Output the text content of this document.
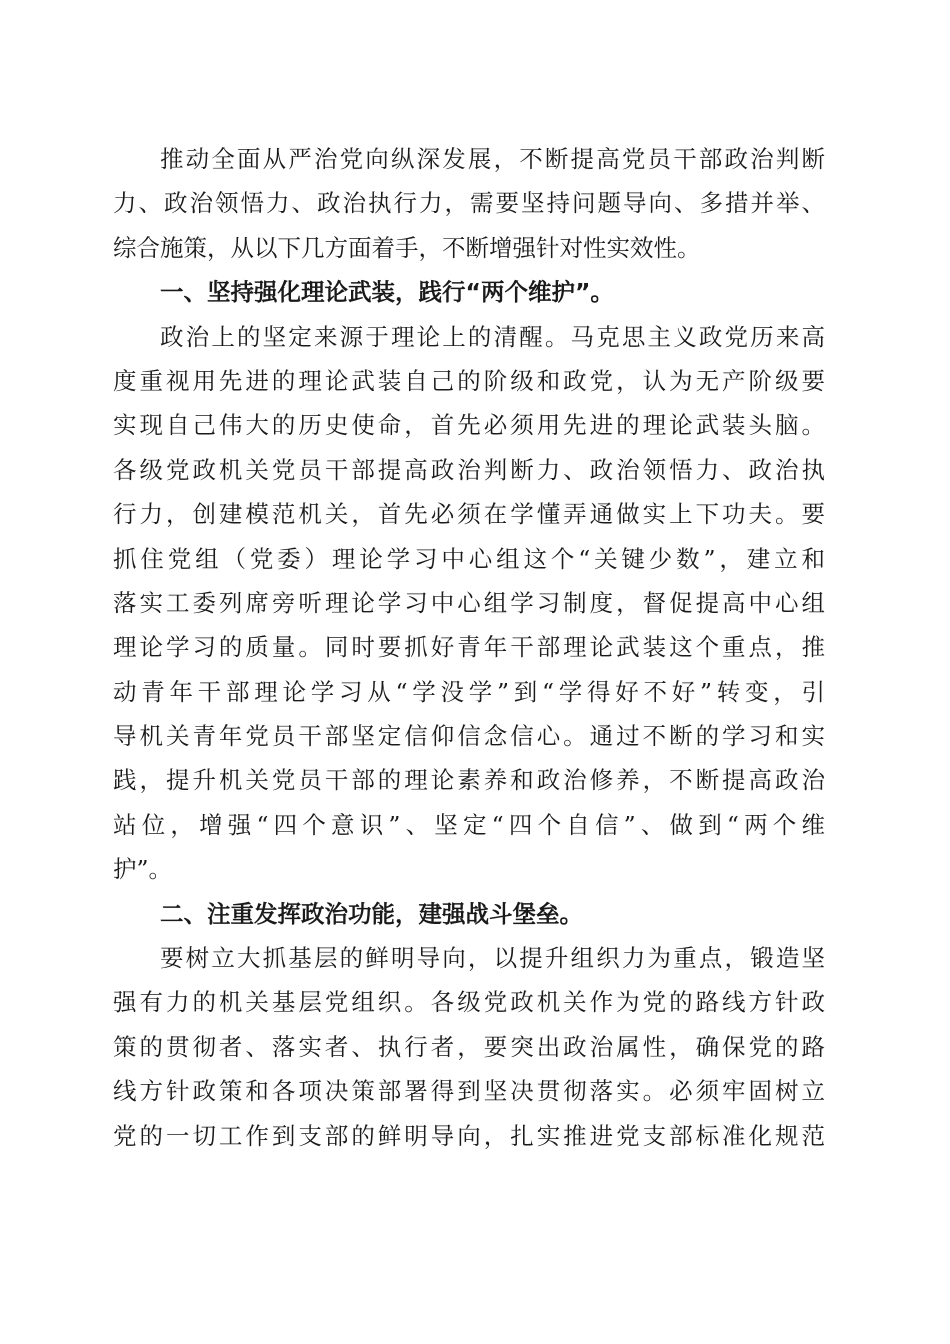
推动全面从严治党向纵深发展，不断提高党员干部政治判断
力、政治领悟力、政治执行力，需要坚持问题导向、多措并举、
综合施策，从以下几方面着手，不断增强针对性实效性。
一、坚持强化理论武装，践行“两个维护”。
政治上的坚定来源于理论上的清醒。马克思主义政党历来高
度重视用先进的理论武装自己的阶级和政党，认为无产阶级要
实现自己伟大的历史使命，首先必须用先进的理论武装头脑。
各级党政机关党员干部提高政治判断力、政治领悟力、政治执
行力，创建模范机关，首先必须在学懂弄通做实上下功夫。要
抓住党组（党委）理论学习中心组这个“关键少数”，建立和
落实工委列席旁听理论学习中心组学习制度，督促提高中心组
理论学习的质量。同时要抓好青年干部理论武装这个重点，推
动青年干部理论学习从“学没学”到“学得好不好”转变，引
导机关青年党员干部坚定信仰信念信心。通过不断的学习和实
践，提升机关党员干部的理论素养和政治修养，不断提高政治
站位，增强“四个意识”、坚定“四个自信”、做到“两个维
护”。
二、注重发挥政治功能，建强战斗堡垒。
要树立大抓基层的鲜明导向，以提升组织力为重点，锻造坚
强有力的机关基层党组织。各级党政机关作为党的路线方针政
策的贯彻者、落实者、执行者，要突出政治属性，确保党的路
线方针政策和各项决策部署得到坚决贯彻落实。必须牢固树立
党的一切工作到支部的鲜明导向，扎实推进党支部标准化规范
